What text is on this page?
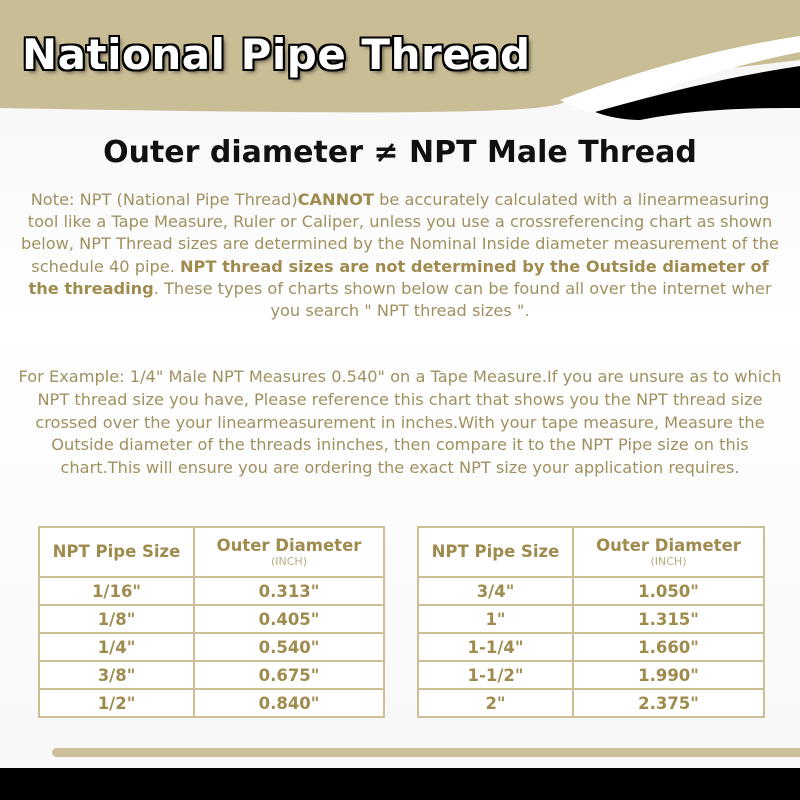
National Pipe Thread
Outer diameter ≠ NPT Male Thread
Note: NPT (National Pipe Thread)CANNOT be accurately calculated with a linearmeasuring tool like a Tape Measure, Ruler or Caliper, unless you use a crossreferencing chart as shown below, NPT Thread sizes are determined by the Nominal Inside diameter measurement of the schedule 40 pipe. NPT thread sizes are not determined by the Outside diameter of the threading. These types of charts shown below can be found all over the internet wher you search " NPT thread sizes ".
For Example: 1/4" Male NPT Measures 0.540" on a Tape Measure.If you are unsure as to which NPT thread size you have, Please reference this chart that shows you the NPT thread size crossed over the your linearmeasurement in inches.With your tape measure, Measure the Outside diameter of the threads ininches, then compare it to the NPT Pipe size on this chart.This will ensure you are ordering the exact NPT size your application requires.
NPT Pipe Size	Outer Diameter
(INCH)

1/16"	0.313"
1/8"	0.405"
1/4"	0.540"
3/8"	0.675"
1/2"	0.840"
NPT Pipe Size	Outer Diameter
(INCH)

3/4"	1.050"
1"	1.315"
1-1/4"	1.660"
1-1/2"	1.990"
2"	2.375"
